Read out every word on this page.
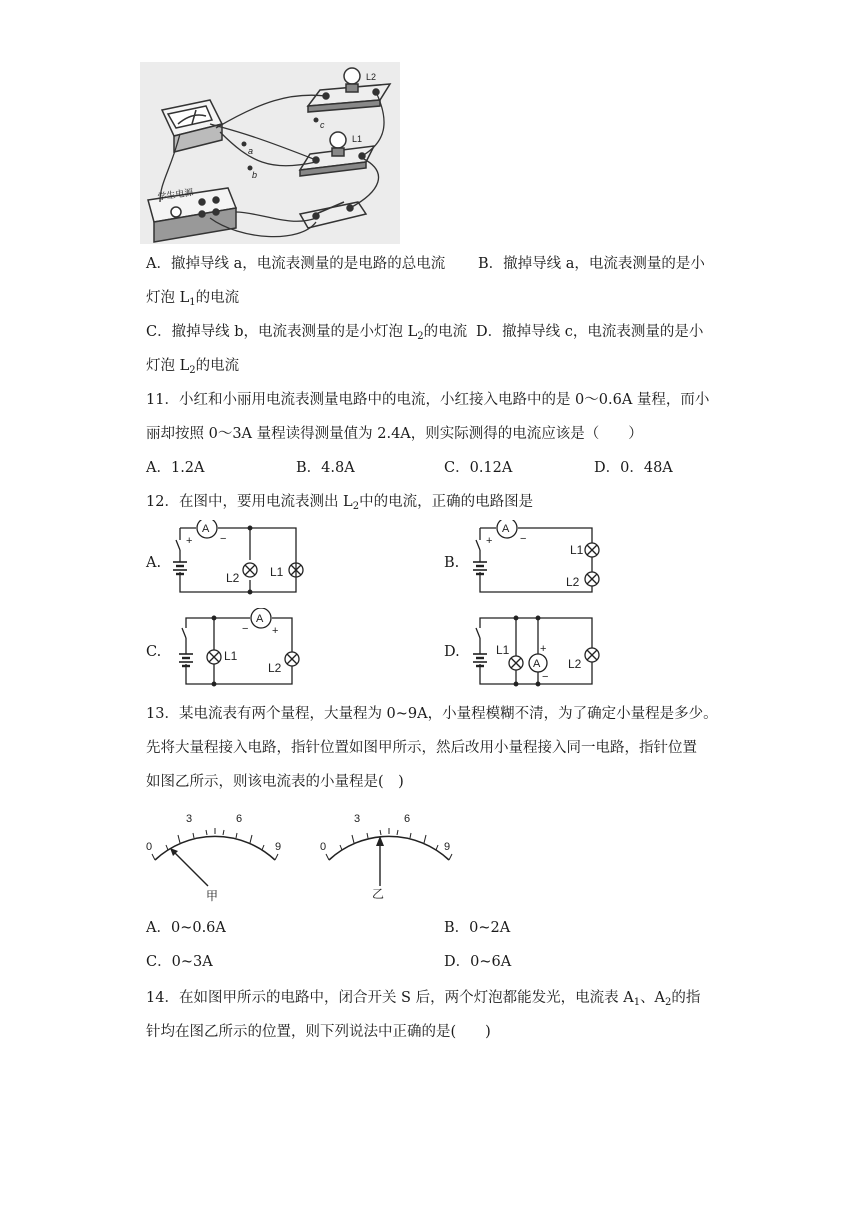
学生电源
L2
L1
a
b
c
A．撤掉导线 a，电流表测量的是电路的总电流 B．撤掉导线 a，电流表测量的是小
灯泡 $L_1$的电流
C．撤掉导线 b，电流表测量的是小灯泡 $L_2$的电流 D．撤掉导线 c，电流表测量的是小
灯泡 $L_2$的电流
11．小红和小丽用电流表测量电路中的电流，小红接入电路中的是 0～0.6A 量程，而小
丽却按照 0～3A 量程读得测量值为 2.4A，则实际测得的电流应该是（　　）
A．1.2A	B．4.8A	C．0.12A	D．0．48A
12．在图中，要用电流表测出 $L_2$中的电流，正确的电路图是
A.
A
+	−
L2	L1
B.
A
+	−
L1
L2
C.
A
− +
L1
L2
D.
A
+
−
L1
L2
13．某电流表有两个量程，大量程为 0~9A，小量程模糊不清，为了确定小量程是多少。
先将大量程接入电路，指针位置如图甲所示，然后改用小量程接入同一电路，指针位置
如图乙所示，则该电流表的小量程是(　)
0
3	6
9
甲
0
3	6
9
乙
A．0~0.6A	B．0~2A
C．0~3A	D．0~6A
14．在如图甲所示的电路中，闭合开关 S 后，两个灯泡都能发光，电流表 $A_1$、$A_2$的指
针均在图乙所示的位置，则下列说法中正确的是(　　)
